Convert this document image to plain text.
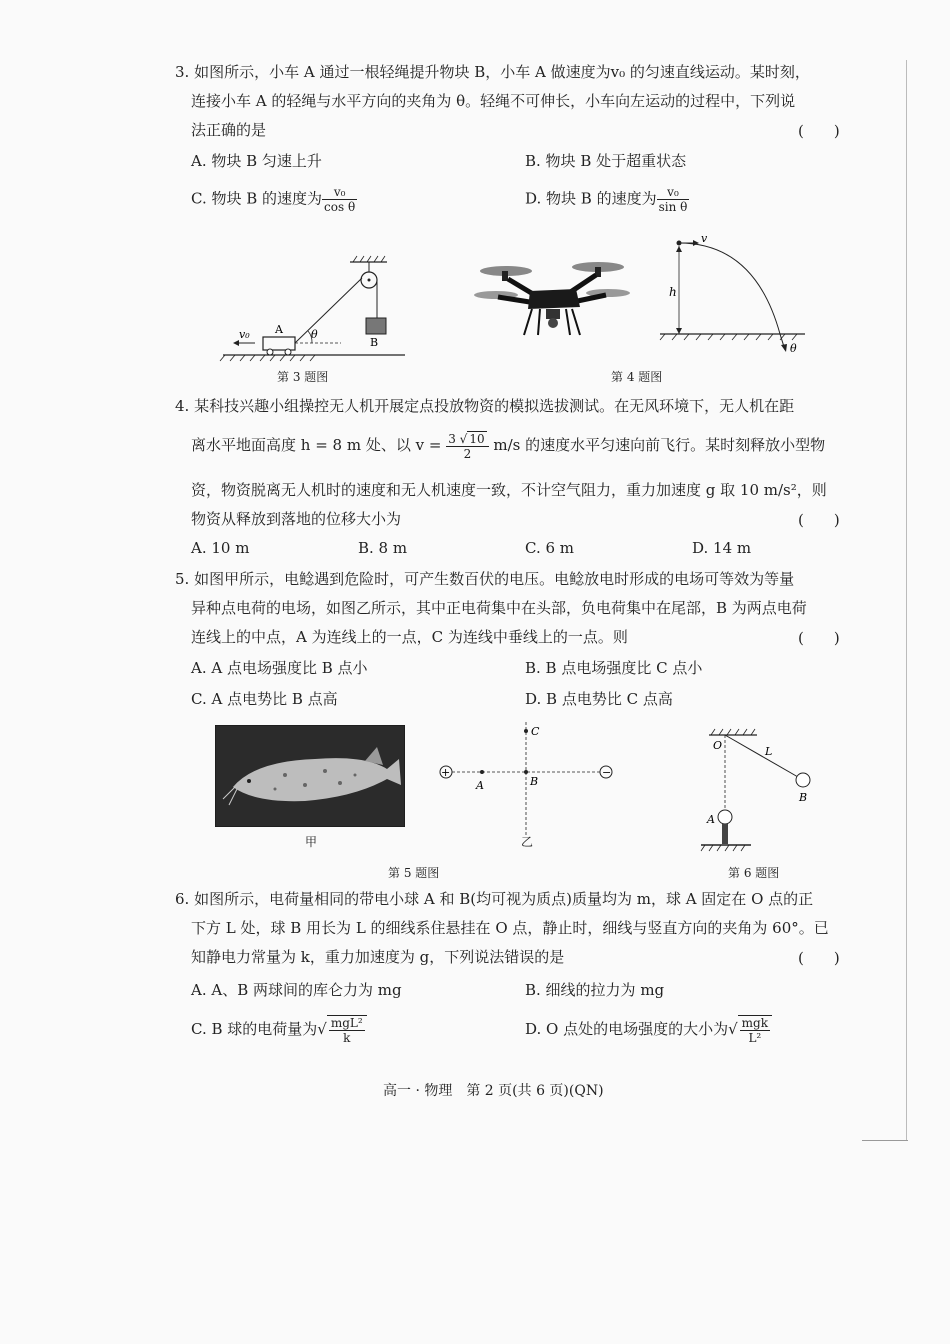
3. 如图所示，小车 A 通过一根轻绳提升物块 B，小车 A 做速度为v₀ 的匀速直线运动。某时刻，
连接小车 A 的轻绳与水平方向的夹角为 θ。轻绳不可伸长，小车向左运动的过程中，下列说
法正确的是	(　　)
A. 物块 B 匀速上升	B. 物块 B 处于超重状态
C. 物块 B 的速度为 $\frac{\text{v₀}}{\text{cos θ}}$	D. 物块 B 的速度为 $\frac{\text{v₀}}{\text{sin θ}}$
v₀ A	θ
B
第 3 题图	第 4 题图
v
h
θ
4. 某科技兴趣小组操控无人机开展定点投放物资的模拟选拔测试。在无风环境下，无人机在距
离水平地面高度 h = 8 m 处、以 $v = \frac{3 √ 10}{2} m/s$ 的速度水平匀速向前飞行。某时刻释放小型物
资，物资脱离无人机时的速度和无人机速度一致，不计空气阻力，重力加速度 g 取 10 m/s²，则
物资从释放到落地的位移大小为	(　　)
A. 10 m	B. 8 m	C. 6 m	D. 14 m
5. 如图甲所示，电鲶遇到危险时，可产生数百伏的电压。电鲶放电时形成的电场可等效为等量
异种点电荷的电场，如图乙所示，其中正电荷集中在头部，负电荷集中在尾部，B 为两点电荷
连线上的中点，A 为连线上的一点，C 为连线中垂线上的一点。则	(　　)
A. A 点电场强度比 B 点小	B. B 点电场强度比 C 点小
C. A 点电势比 B 点高	D. B 点电势比 C 点高
甲
+	−
A	B
C
乙
第 5 题图
O	L
B
A
第 6 题图
6. 如图所示，电荷量相同的带电小球 A 和 B(均可视为质点)质量均为 m，球 A 固定在 O 点的正
下方 L 处，球 B 用长为 L 的细线系住悬挂在 O 点，静止时，细线与竖直方向的夹角为 60°。已
知静电力常量为 k，重力加速度为 g，下列说法错误的是	(　　)
A. A、B 两球间的库仑力为 mg	B. 细线的拉力为 mg
C. B 球的电荷量为√ $\frac{\text{mgL²}}{k}$	D. O 点处的电场强度的大小为√ $\frac{\text{mgk}}{\text{L²}}$
高一 · 物理　第 2 页(共 6 页)(QN)
